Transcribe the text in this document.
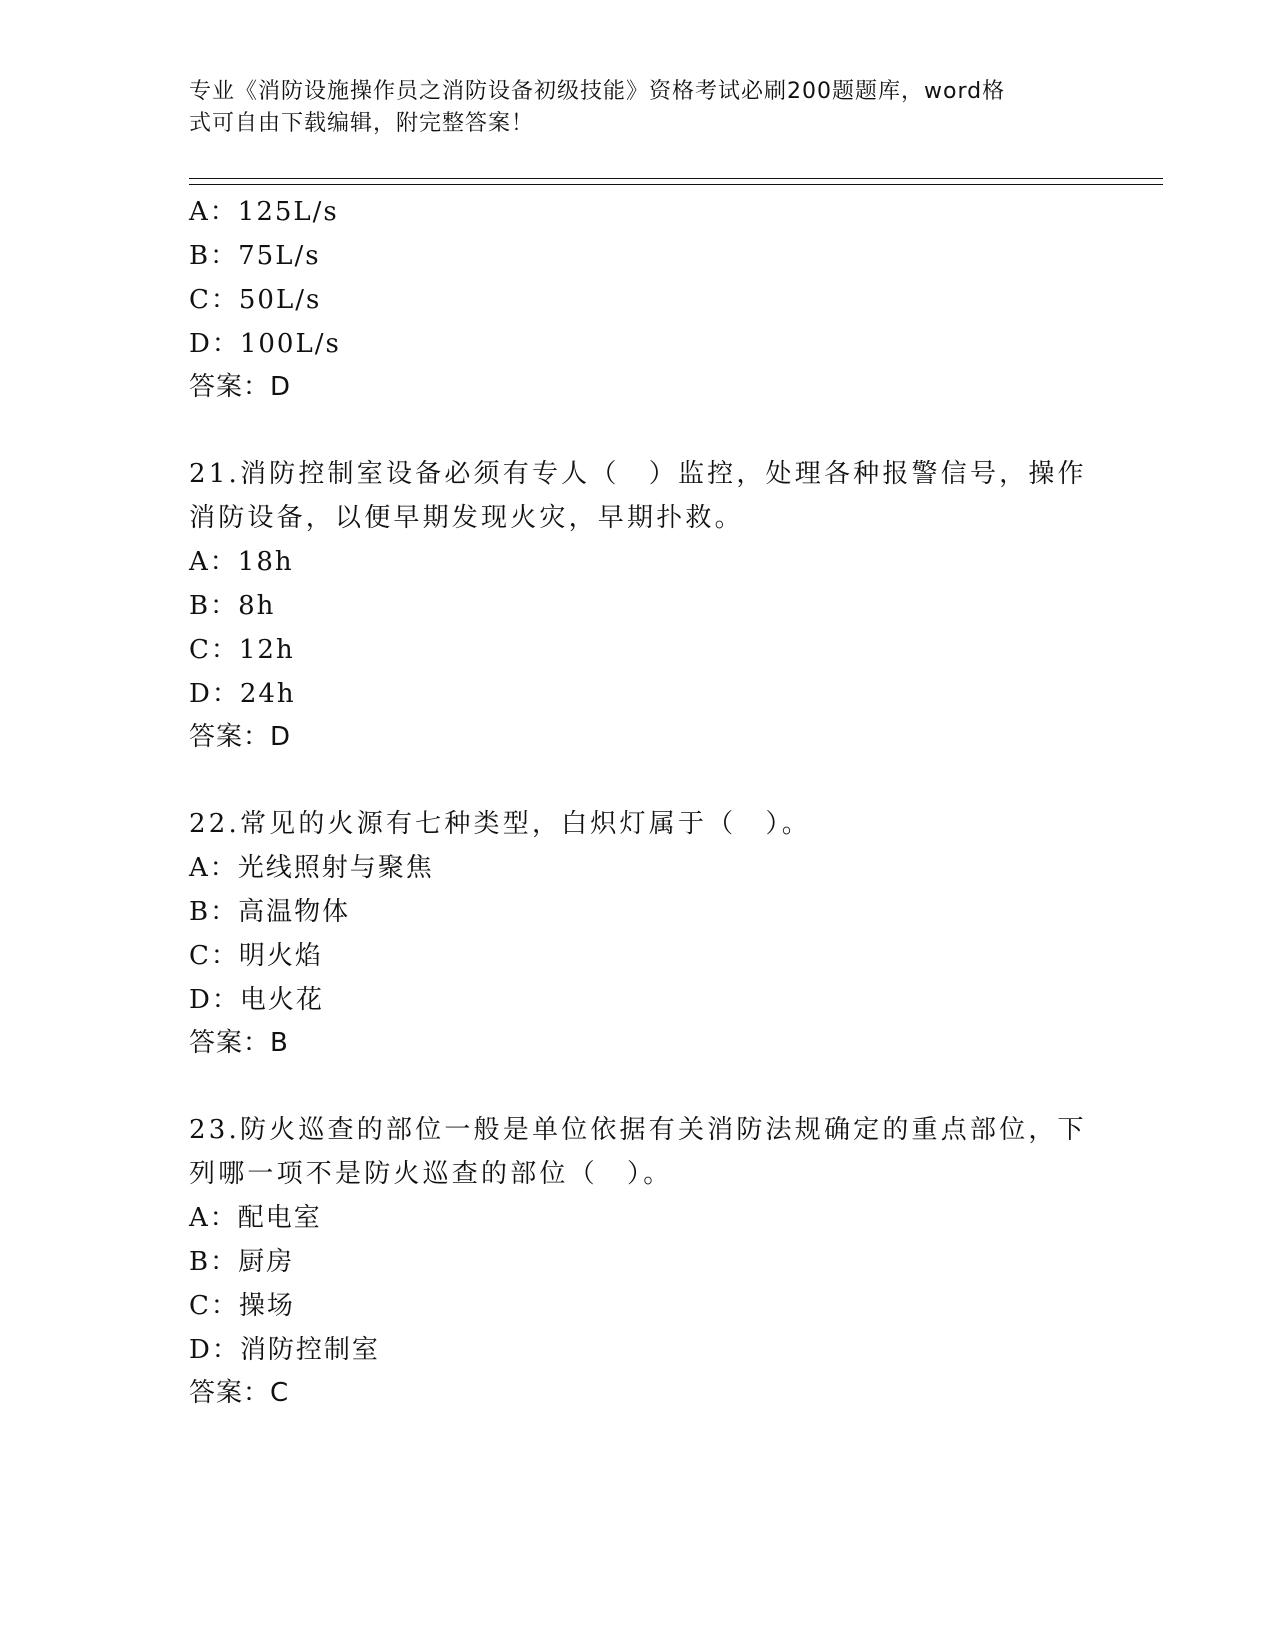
专业《消防设施操作员之消防设备初级技能》资格考试必刷200题题库，word格
式可自由下载编辑，附完整答案！
A：125L/s
B：75L/s
C：50L/s
D：100L/s
答案：D
21.消防控制室设备必须有专人（　）监控，处理各种报警信号，操作
消防设备，以便早期发现火灾，早期扑救。
A：18h
B：8h
C：12h
D：24h
答案：D
22.常见的火源有七种类型，白炽灯属于（　）。
A：光线照射与聚焦
B：高温物体
C：明火焰
D：电火花
答案：B
23.防火巡查的部位一般是单位依据有关消防法规确定的重点部位，下
列哪一项不是防火巡查的部位（　）。
A：配电室
B：厨房
C：操场
D：消防控制室
答案：C
